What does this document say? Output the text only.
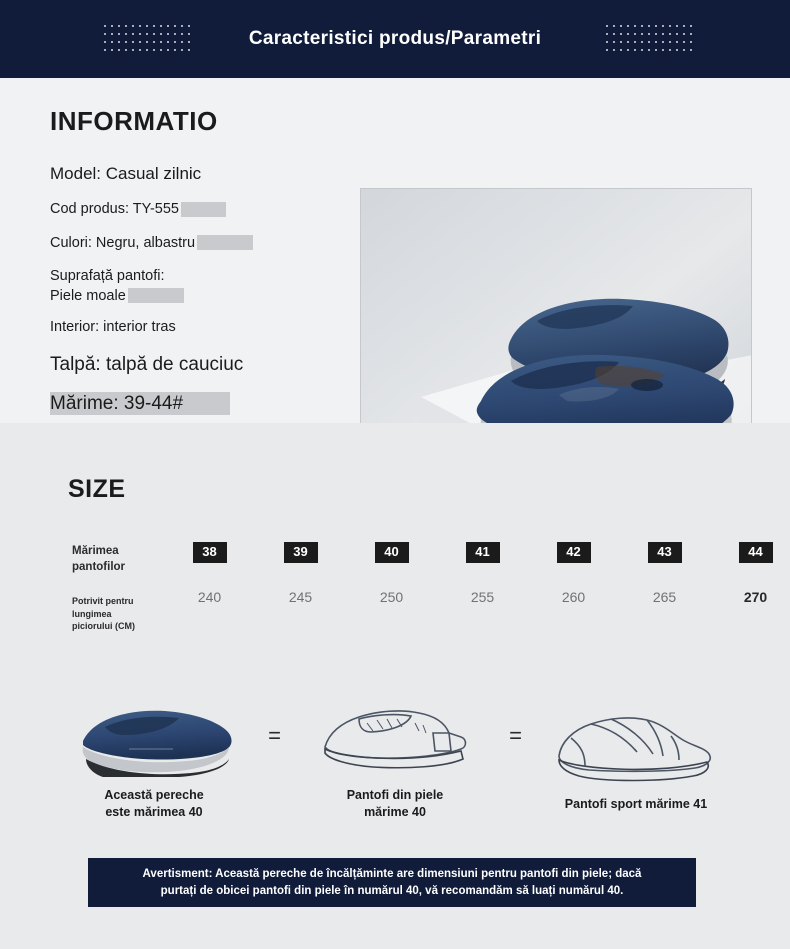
Caracteristici produs/Parametri
INFORMATIO
Model: Casual zilnic
Cod produs: TY-555
Culori: Negru, albastru
Suprafață pantofi:
Piele moale
Interior: interior tras
Talpă: talpă de cauciuc
Mărime: 39-44#
SIZE
Mărimea
pantofilor
38	39	40	41	42	43	44
Potrivit pentru
lungimea
piciorului (CM)
240	245	250	255	260	265	270
Această pereche
este mărimea 40
=
Pantofi din piele
mărime 40
=
Pantofi sport mărime 41
Avertisment: Această pereche de încălțăminte are dimensiuni pentru pantofi din piele; dacă
purtați de obicei pantofi din piele în numărul 40, vă recomandăm să luați numărul 40.
